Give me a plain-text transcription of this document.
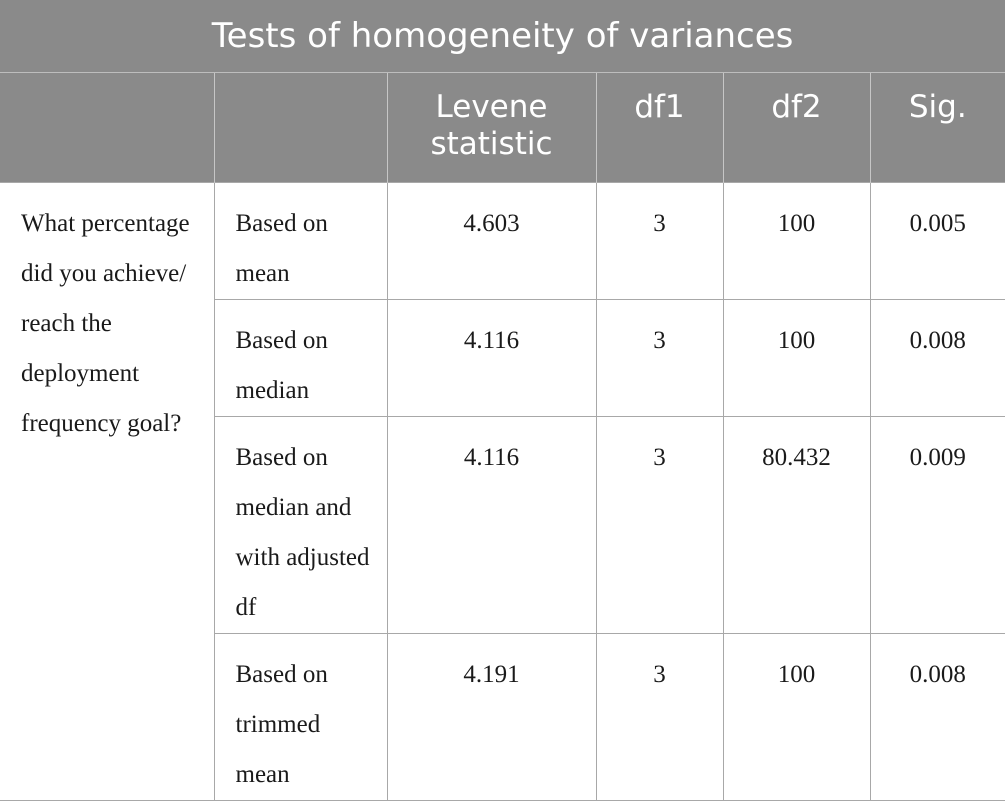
Tests of homogeneity of variances					
		Levene statistic	df1	df2	Sig.
What percentage did you achieve/ reach the deployment frequency goal?	Based on mean	4.603	3	100	0.005
	Based on median	4.116	3	100	0.008
	Based on median and with adjusted df	4.116	3	80.432	0.009
	Based on trimmed mean	4.191	3	100	0.008
